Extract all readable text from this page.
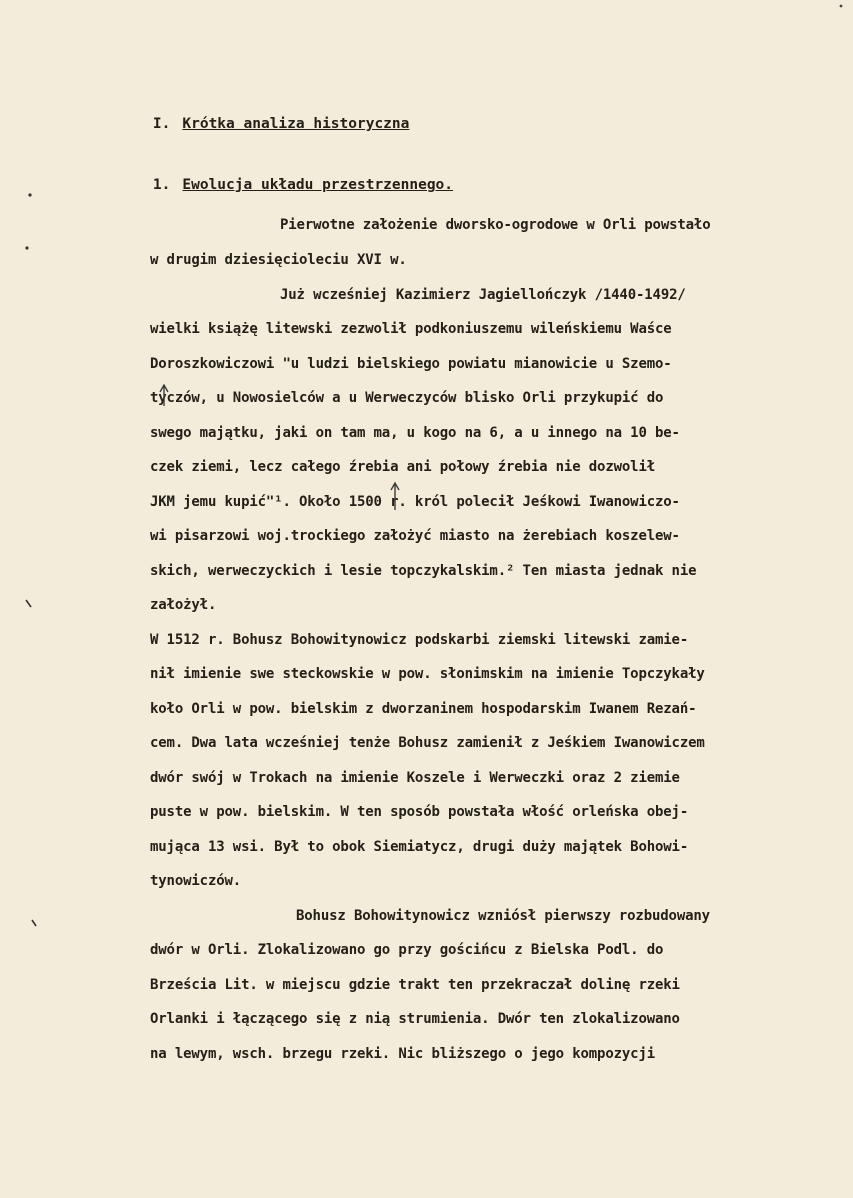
I. Krótka analiza historyczna

1. Ewolucja układu przestrzennego.

Pierwotne założenie dworsko-ogrodowe w Orli powstało
w drugim dziesięcioleciu XVI w.
Już wcześniej Kazimierz Jagiellończyk /1440-1492/
wielki książę litewski zezwolił podkoniuszemu wileńskiemu Waśce
Doroszkowiczowi "u ludzi bielskiego powiatu mianowicie u Szemo-
tyczów, u Nowosielców a u Werweczyców blisko Orli przykupić do
swego majątku, jaki on tam ma, u kogo na 6, a u innego na 10 be-
czek ziemi, lecz całego źrebia ani połowy źrebia nie dozwolił
JKM jemu kupić"¹. Około 1500 r. król polecił Jeśkowi Iwanowiczo-
wi pisarzowi woj.trockiego założyć miasto na żerebiach koszelew-
skich, werweczyckich i lesie topczykalskim.² Ten miasta jednak nie
założył.
W 1512 r. Bohusz Bohowitynowicz podskarbi ziemski litewski zamie-
nił imienie swe steckowskie w pow. słonimskim na imienie Topczykały
koło Orli w pow. bielskim z dworzaninem hospodarskim Iwanem Rezań-
cem. Dwa lata wcześniej tenże Bohusz zamienił z Jeśkiem Iwanowiczem
dwór swój w Trokach na imienie Koszele i Werweczki oraz 2 ziemie
puste w pow. bielskim. W ten sposób powstała włość orleńska obej-
mująca 13 wsi. Był to obok Siemiatycz, drugi duży majątek Bohowi-
tynowiczów.
Bohusz Bohowitynowicz wzniósł pierwszy rozbudowany
dwór w Orli. Zlokalizowano go przy gościńcu z Bielska Podl. do
Brześcia Lit. w miejscu gdzie trakt ten przekraczał dolinę rzeki
Orlanki i łączącego się z nią strumienia. Dwór ten zlokalizowano
na lewym, wsch. brzegu rzeki. Nic bliższego o jego kompozycji
